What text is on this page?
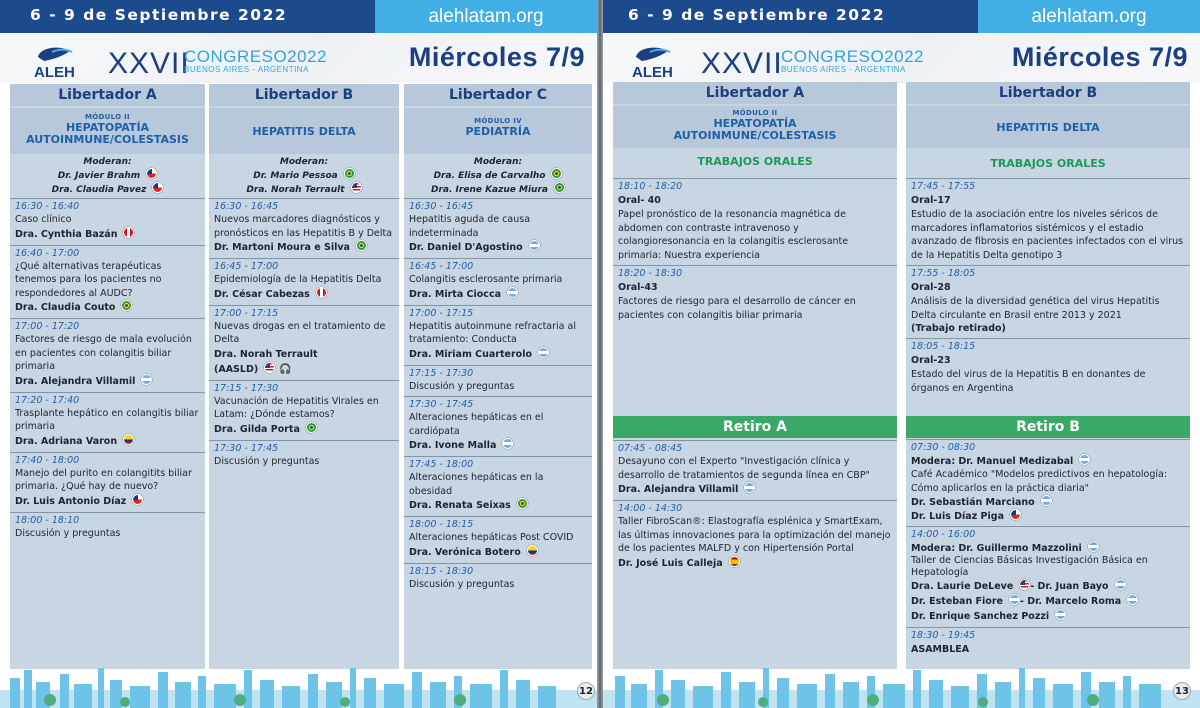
6 - 9 de Septiembre 2022	alehlatam.org
ALEH XXVII
CONGRESO2022
BUENOS AIRES - ARGENTINA	Miércoles 7/9
Libertador A
MÓDULO II
HEPATOPATÍA
AUTOINMUNE/COLESTASIS
Moderan:
Dr. Javier Brahm
Dra. Claudia Pavez
16:30 - 16:40
Caso clínico
Dra. Cynthia Bazán
16:40 - 17:00
¿Qué alternativas terapéuticas tenemos para los pacientes no respondedores al AUDC?
Dra. Claudia Couto
17:00 - 17:20
Factores de riesgo de mala evolución en pacientes con colangitis biliar primaria
Dra. Alejandra Villamil
17:20 - 17:40
Trasplante hepático en colangitis biliar primaria
Dra. Adriana Varon
17:40 - 18:00
Manejo del purito en colangitits biliar primaria. ¿Qué hay de nuevo?
Dr. Luis Antonio Díaz
18:00 - 18:10
Discusión y preguntas
Libertador B
HEPATITIS DELTA
Moderan:
Dr. Mario Pessoa
Dra. Norah Terrault
16:30 - 16:45
Nuevos marcadores diagnósticos y pronósticos en las Hepatitis B y Delta
Dr. Martoni Moura e Silva
16:45 - 17:00
Epidemiología de la Hepatitis Delta
Dr. César Cabezas
17:00 - 17:15
Nuevas drogas en el tratamiento de Delta
Dra. Norah Terrault
(AASLD) 🎧
17:15 - 17:30
Vacunación de Hepatitis Virales en Latam: ¿Dónde estamos?
Dra. Gilda Porta
17:30 - 17:45
Discusión y preguntas
Libertador C
MÓDULO IV
PEDIATRÍA
Moderan:
Dra. Elisa de Carvalho
Dra. Irene Kazue Miura
16:30 - 16:45
Hepatitis aguda de causa indeterminada
Dr. Daniel D'Agostino
16:45 - 17:00
Colangitis esclerosante primaria
Dra. Mirta Ciocca
17:00 - 17:15
Hepatitis autoinmune refractaria al tratamiento: Conducta
Dra. Miriam Cuarterolo
17:15 - 17:30
Discusión y preguntas
17:30 - 17:45
Alteraciones hepáticas en el cardiópata
Dra. Ivone Malla
17:45 - 18:00
Alteraciones hepáticas en la obesidad
Dra. Renata Seixas
18:00 - 18:15
Alteraciones hepáticas Post COVID
Dra. Verónica Botero
18:15 - 18:30
Discusión y preguntas
12
6 - 9 de Septiembre 2022	alehlatam.org
ALEH XXVII
CONGRESO2022
BUENOS AIRES - ARGENTINA	Miércoles 7/9
Libertador A
MÓDULO II
HEPATOPATÍA
AUTOINMUNE/COLESTASIS
TRABAJOS ORALES
18:10 - 18:20
Oral- 40
Papel pronóstico de la resonancia magnética de abdomen con contraste intravenoso y colangioresonancia en la colangitis esclerosante primaria: Nuestra experiencia
18:20 - 18:30
Oral-43
Factores de riesgo para el desarrollo de cáncer en pacientes con colangitis biliar primaria
Retiro A
07:45 - 08:45
Desayuno con el Experto "Investigación clínica y desarrollo de tratamientos de segunda línea en CBP"
Dra. Alejandra Villamil
14:00 - 14:30
Taller FibroScan®: Elastografía esplénica y SmartExam, las últimas innovaciones para la optimización del manejo de los pacientes MALFD y con Hipertensión Portal
Dr. José Luis Calleja
Libertador B
HEPATITIS DELTA
TRABAJOS ORALES
17:45 - 17:55
Oral-17
Estudio de la asociación entre los niveles séricos de marcadores inflamatorios sistémicos y el estadio avanzado de fibrosis en pacientes infectados con el virus de la Hepatitis Delta genotipo 3
17:55 - 18:05
Oral-28
Análisis de la diversidad genética del virus Hepatitis Delta circulante en Brasil entre 2013 y 2021
(Trabajo retirado)
18:05 - 18:15
Oral-23
Estado del virus de la Hepatitis B en donantes de órganos en Argentina
Retiro B
07:30 - 08:30
Modera: Dr. Manuel Medizabal
Café Académico "Modelos predictivos en hepatología: Cómo aplicarlos en la práctica diaria"
Dr. Sebastián Marciano
Dr. Luis Díaz Piga
14:00 - 16:00
Modera: Dr. Guillermo Mazzolini
Taller de Ciencias Básicas Investigación Básica en Hepatología
Dra. Laurie DeLeve - Dr. Juan Bayo
Dr. Esteban Fiore - Dr. Marcelo Roma
Dr. Enrique Sanchez Pozzi
18:30 - 19:45
ASAMBLEA
13
